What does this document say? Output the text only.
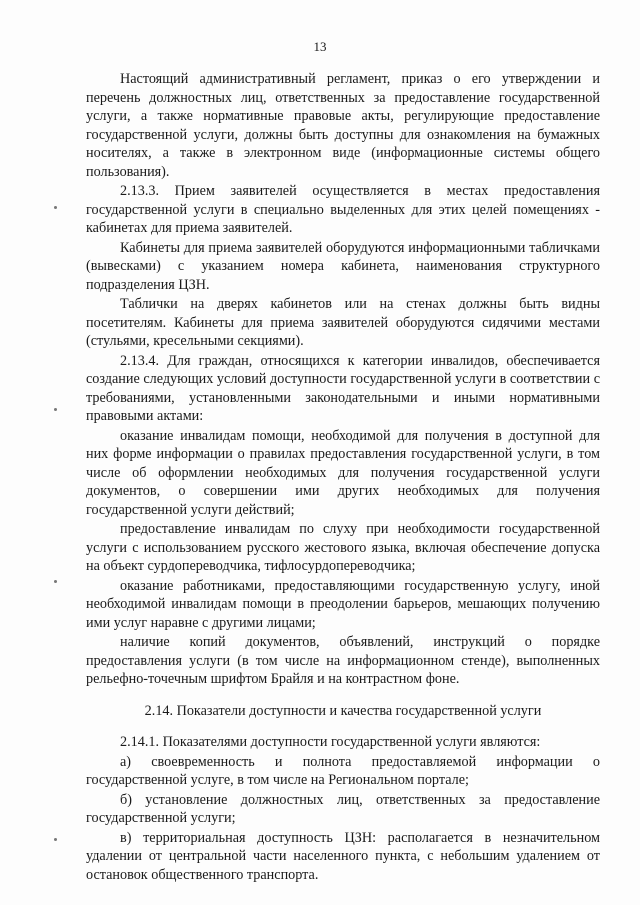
13

Настоящий административный регламент, приказ о его утверждении и перечень должностных лиц, ответственных за предоставление государственной услуги, а также нормативные правовые акты, регулирующие предоставление государственной услуги, должны быть доступны для ознакомления на бумажных носителях, а также в электронном виде (информационные системы общего пользования).

2.13.3. Прием заявителей осуществляется в местах предоставления государственной услуги в специально выделенных для этих целей помещениях - кабинетах для приема заявителей.

Кабинеты для приема заявителей оборудуются информационными табличками (вывесками) с указанием номера кабинета, наименования структурного подразделения ЦЗН.

Таблички на дверях кабинетов или на стенах должны быть видны посетителям. Кабинеты для приема заявителей оборудуются сидячими местами (стульями, кресельными секциями).

2.13.4. Для граждан, относящихся к категории инвалидов, обеспечивается создание следующих условий доступности государственной услуги в соответствии с требованиями, установленными законодательными и иными нормативными правовыми актами:

оказание инвалидам помощи, необходимой для получения в доступной для них форме информации о правилах предоставления государственной услуги, в том числе об оформлении необходимых для получения государственной услуги документов, о совершении ими других необходимых для получения государственной услуги действий;

предоставление инвалидам по слуху при необходимости государственной услуги с использованием русского жестового языка, включая обеспечение допуска на объект сурдопереводчика, тифлосурдопереводчика;

оказание работниками, предоставляющими государственную услугу, иной необходимой инвалидам помощи в преодолении барьеров, мешающих получению ими услуг наравне с другими лицами;

наличие копий документов, объявлений, инструкций о порядке предоставления услуги (в том числе на информационном стенде), выполненных рельефно-точечным шрифтом Брайля и на контрастном фоне.

2.14. Показатели доступности и качества государственной услуги

2.14.1. Показателями доступности государственной услуги являются:

а) своевременность и полнота предоставляемой информации о государственной услуге, в том числе на Региональном портале;

б) установление должностных лиц, ответственных за предоставление государственной услуги;

в) территориальная доступность ЦЗН: располагается в незначительном удалении от центральной части населенного пункта, с небольшим удалением от остановок общественного транспорта.
